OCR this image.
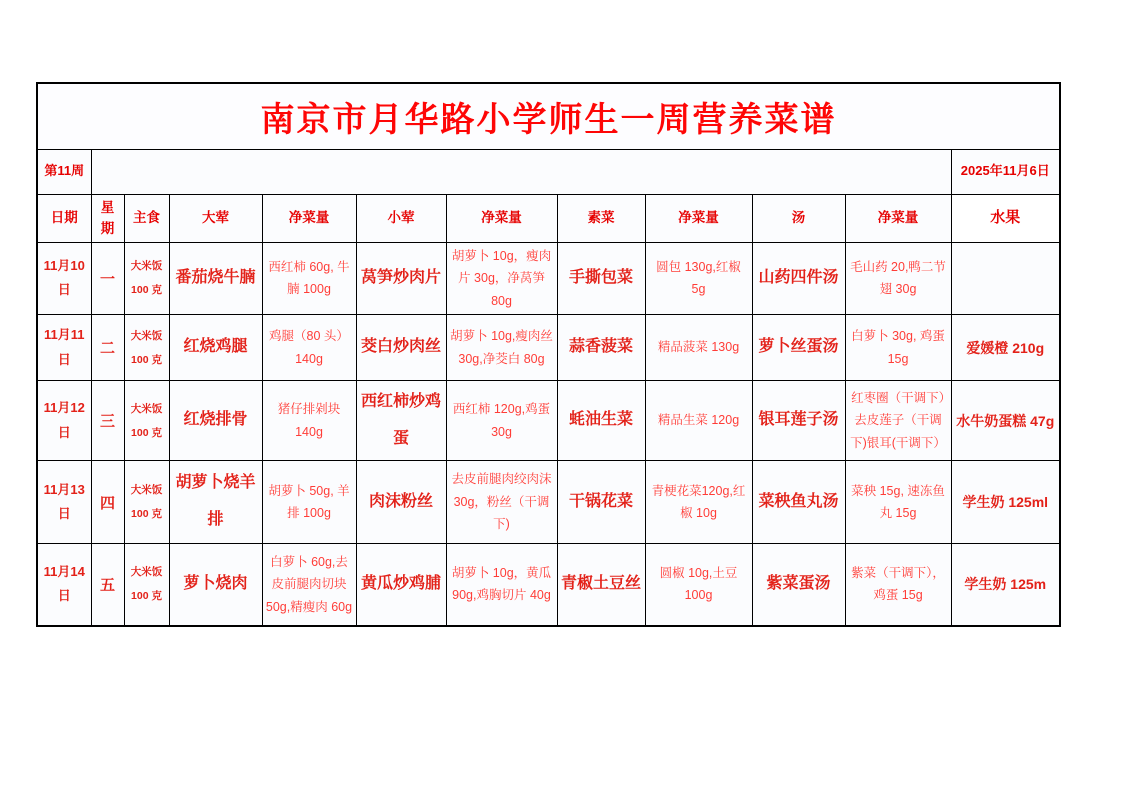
南京市月华路小学师生一周营养菜谱											
第11周											2025年11月6日
日期	星期	主食	大荤	净菜量	小荤	净菜量	素菜	净菜量	汤	净菜量	水果
11月10日	一	大米饭 100 克	番茄烧牛腩	西红柿 60g, 牛腩 100g	莴笋炒肉片	胡萝卜 10g，瘦肉片 30g，净莴笋 80g	手撕包菜	圆包 130g,红椒 5g	山药四件汤	毛山药 20,鸭二节翅 30g	
11月11日	二	大米饭 100 克	红烧鸡腿	鸡腿（80 头）140g	茭白炒肉丝	胡萝卜 10g,瘦肉丝 30g,净茭白 80g	蒜香菠菜	精品菠菜 130g	萝卜丝蛋汤	白萝卜 30g, 鸡蛋 15g	爱媛橙 210g
11月12日	三	大米饭 100 克	红烧排骨	猪仔排剁块 140g	西红柿炒鸡蛋	西红柿 120g,鸡蛋 30g	蚝油生菜	精品生菜 120g	银耳莲子汤	红枣圈（干调下）去皮莲子（干调下)银耳(干调下）	水牛奶蛋糕 47g
11月13日	四	大米饭 100 克	胡萝卜烧羊排	胡萝卜 50g, 羊排 100g	肉沫粉丝	去皮前腿肉绞肉沫 30g，粉丝（干调下)	干锅花菜	青梗花菜120g,红椒 10g	菜秧鱼丸汤	菜秧 15g, 速冻鱼丸 15g	学生奶 125ml
11月14日	五	大米饭 100 克	萝卜烧肉	白萝卜 60g,去皮前腿肉切块 50g,精瘦肉 60g	黄瓜炒鸡脯	胡萝卜 10g，黄瓜 90g,鸡胸切片 40g	青椒土豆丝	圆椒 10g,土豆 100g	紫菜蛋汤	紫菜（干调下），鸡蛋 15g	学生奶 125m
